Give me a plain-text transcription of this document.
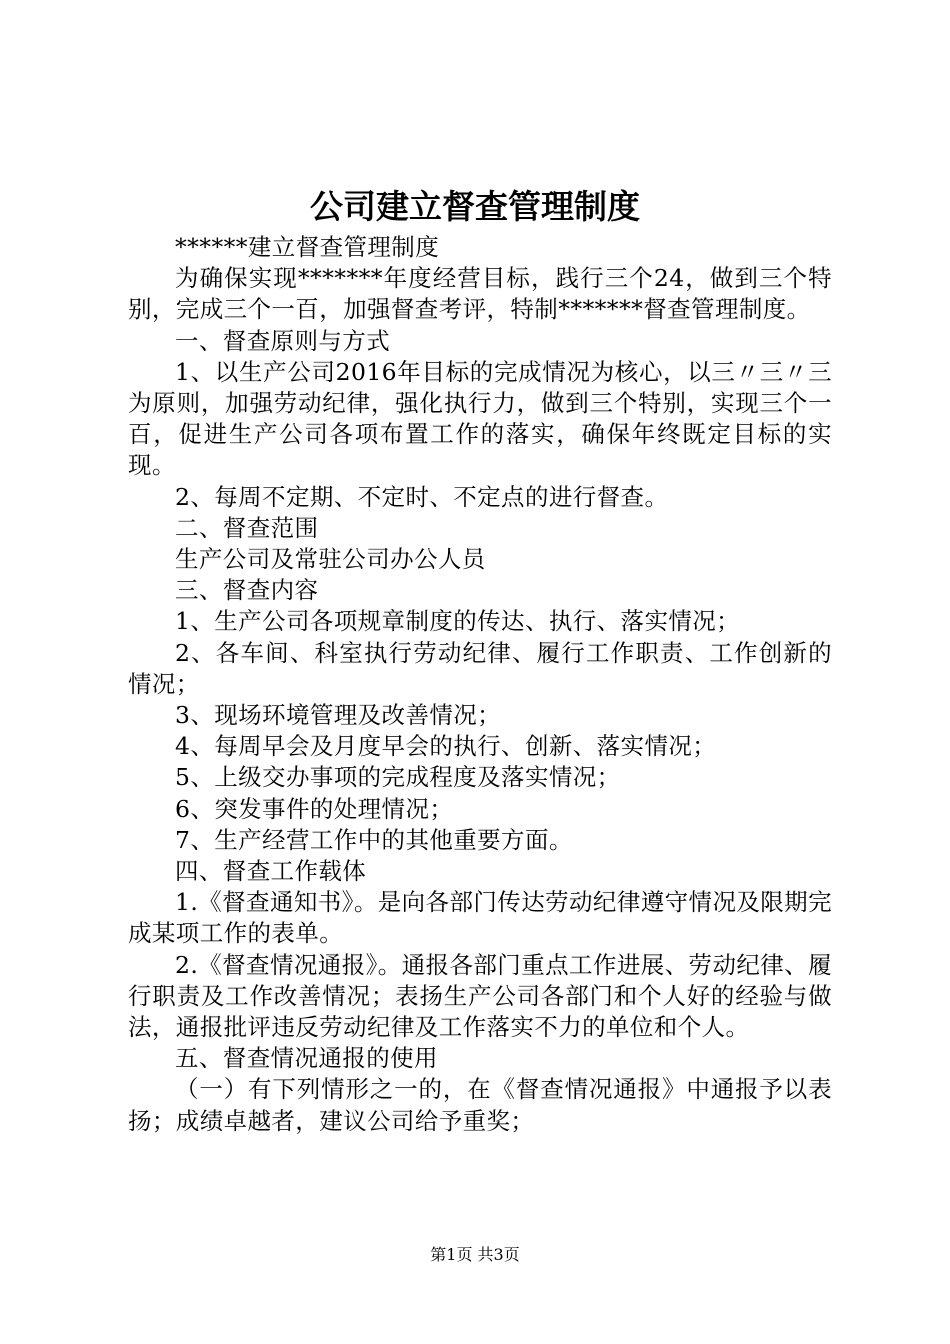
公司建立督查管理制度

******建立督查管理制度

为确保实现*******年度经营目标，践行三个24，做到三个特别，完成三个一百，加强督查考评，特制*******督查管理制度。

一、督查原则与方式

1、以生产公司2016年目标的完成情况为核心，以三〃三〃三为原则，加强劳动纪律，强化执行力，做到三个特别，实现三个一百，促进生产公司各项布置工作的落实，确保年终既定目标的实现。

2、每周不定期、不定时、不定点的进行督查。

二、督查范围

生产公司及常驻公司办公人员

三、督查内容

1、生产公司各项规章制度的传达、执行、落实情况；

2、各车间、科室执行劳动纪律、履行工作职责、工作创新的情况；

3、现场环境管理及改善情况；

4、每周早会及月度早会的执行、创新、落实情况；

5、上级交办事项的完成程度及落实情况；

6、突发事件的处理情况；

7、生产经营工作中的其他重要方面。

四、督查工作载体

1.《督查通知书》。是向各部门传达劳动纪律遵守情况及限期完成某项工作的表单。

2.《督查情况通报》。通报各部门重点工作进展、劳动纪律、履行职责及工作改善情况；表扬生产公司各部门和个人好的经验与做法，通报批评违反劳动纪律及工作落实不力的单位和个人。

五、督查情况通报的使用

（一）有下列情形之一的，在《督查情况通报》中通报予以表扬；成绩卓越者，建议公司给予重奖；

第1页 共3页
